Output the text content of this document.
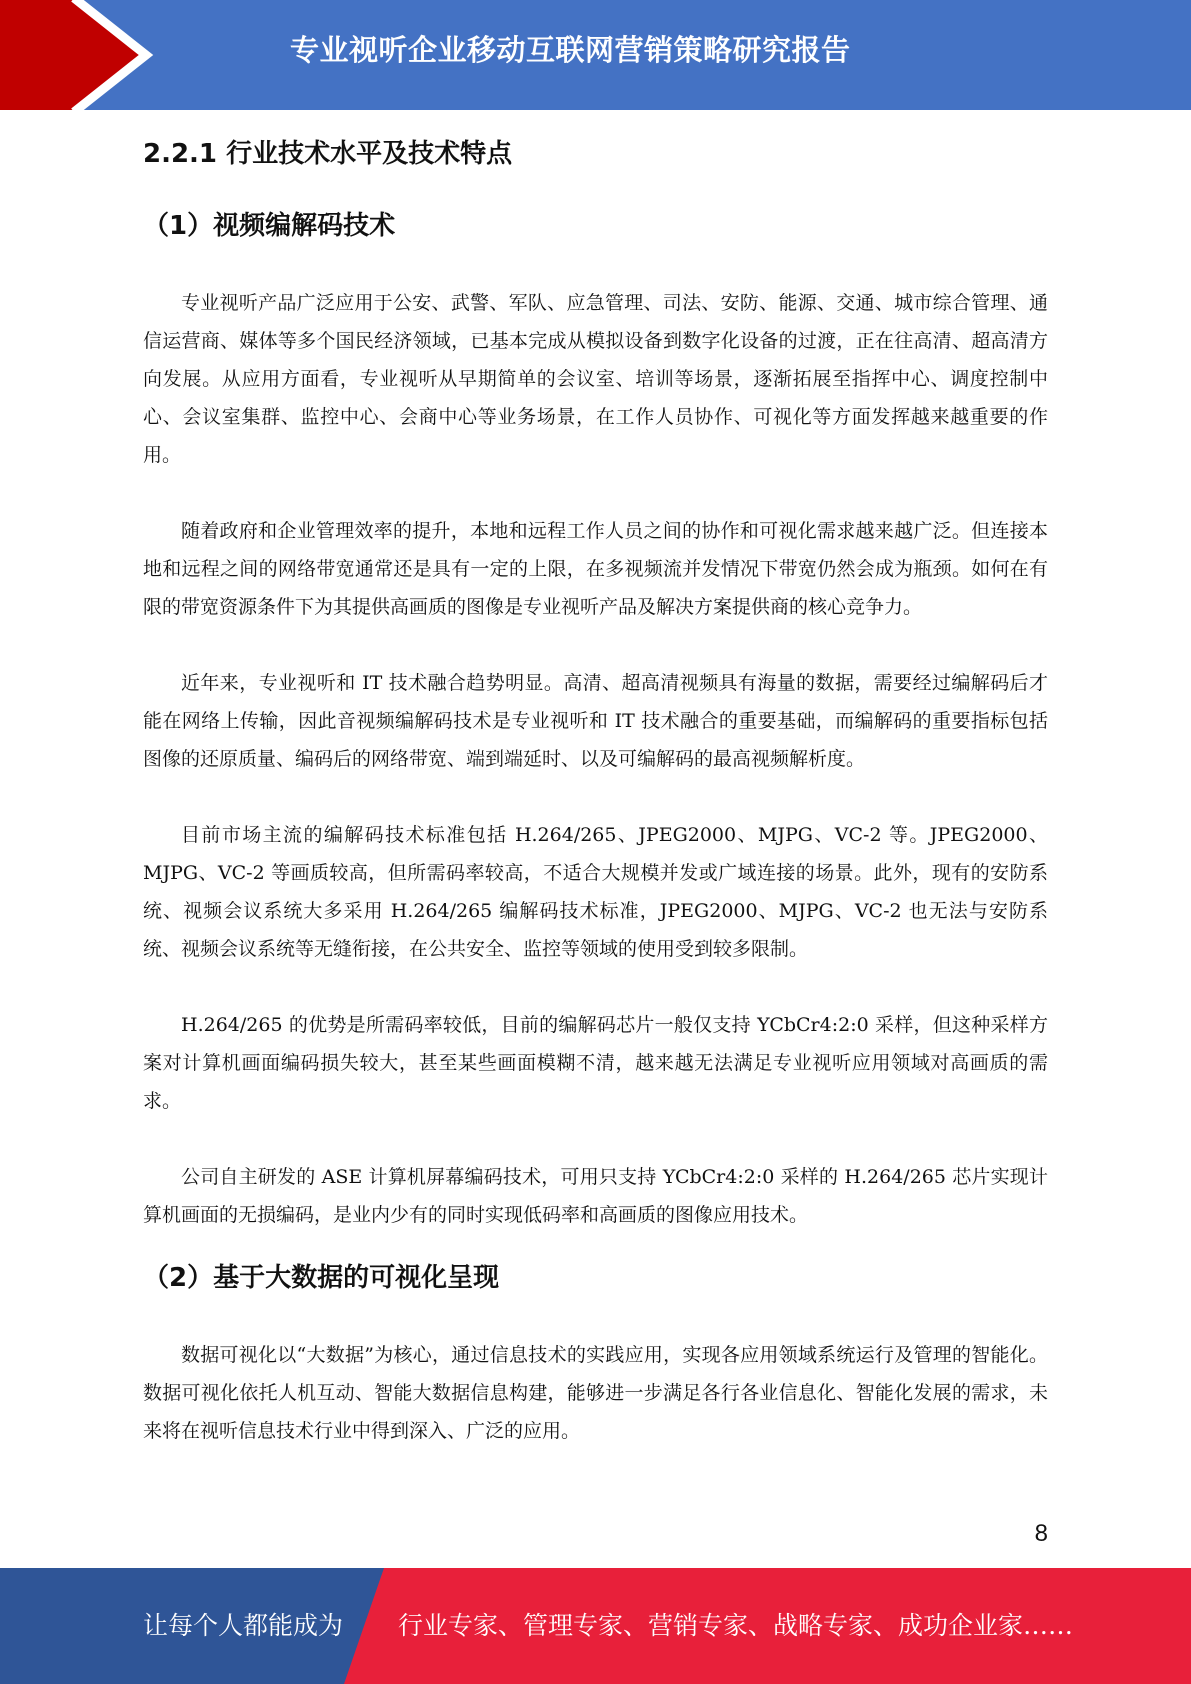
专业视听企业移动互联网营销策略研究报告
2.2.1 行业技术水平及技术特点
（1）视频编解码技术

专业视听产品广泛应用于公安、武警、军队、应急管理、司法、安防、能源、交通、城市综合管理、通信运营商、媒体等多个国民经济领域，已基本完成从模拟设备到数字化设备的过渡，正在往高清、超高清方向发展。从应用方面看，专业视听从早期简单的会议室、培训等场景，逐渐拓展至指挥中心、调度控制中心、会议室集群、监控中心、会商中心等业务场景，在工作人员协作、可视化等方面发挥越来越重要的作用。

随着政府和企业管理效率的提升，本地和远程工作人员之间的协作和可视化需求越来越广泛。但连接本地和远程之间的网络带宽通常还是具有一定的上限，在多视频流并发情况下带宽仍然会成为瓶颈。如何在有限的带宽资源条件下为其提供高画质的图像是专业视听产品及解决方案提供商的核心竞争力。

近年来，专业视听和 IT 技术融合趋势明显。高清、超高清视频具有海量的数据，需要经过编解码后才能在网络上传输，因此音视频编解码技术是专业视听和 IT 技术融合的重要基础，而编解码的重要指标包括图像的还原质量、编码后的网络带宽、端到端延时、以及可编解码的最高视频解析度。

目前市场主流的编解码技术标准包括 H.264/265、JPEG2000、MJPG、VC-2 等。JPEG2000、MJPG、VC-2 等画质较高，但所需码率较高，不适合大规模并发或广域连接的场景。此外，现有的安防系统、视频会议系统大多采用 H.264/265 编解码技术标准，JPEG2000、MJPG、VC-2 也无法与安防系统、视频会议系统等无缝衔接，在公共安全、监控等领域的使用受到较多限制。

H.264/265 的优势是所需码率较低，目前的编解码芯片一般仅支持 YCbCr4:2:0 采样，但这种采样方案对计算机画面编码损失较大，甚至某些画面模糊不清，越来越无法满足专业视听应用领域对高画质的需求。

公司自主研发的 ASE 计算机屏幕编码技术，可用只支持 YCbCr4:2:0 采样的 H.264/265 芯片实现计算机画面的无损编码，是业内少有的同时实现低码率和高画质的图像应用技术。

（2）基于大数据的可视化呈现

数据可视化以“大数据”为核心，通过信息技术的实践应用，实现各应用领域系统运行及管理的智能化。数据可视化依托人机互动、智能大数据信息构建，能够进一步满足各行各业信息化、智能化发展的需求，未来将在视听信息技术行业中得到深入、广泛的应用。

8
让每个人都能成为 行业专家、管理专家、营销专家、战略专家、成功企业家……
